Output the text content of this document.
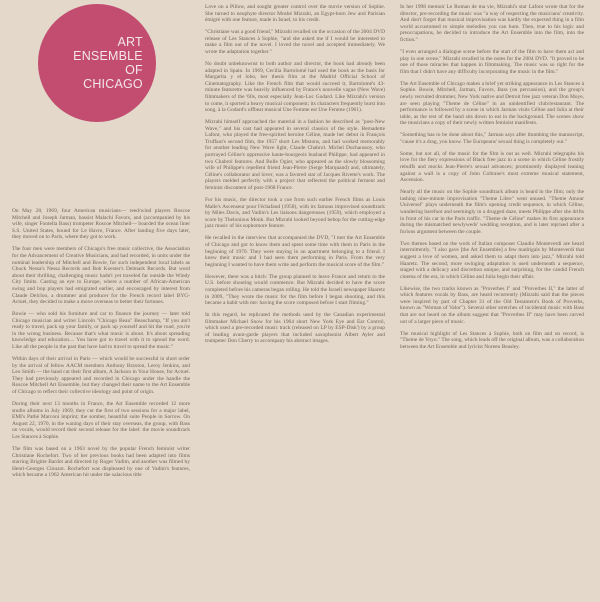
ART
ENSEMBLE
OF
CHICAGO

On May 28, 1969, four American musicians— reed/wind players Roscoe Mitchell and Joseph Jarman, bassist Malachi Favors, and (accompanied by his wife, singer Fontella Bass) trumpeter Roscoe Mitchell— boarded the ocean liner S.S. United States, bound for Le Havre, France. After landing five days later, they moved on to Paris, where they got to work.

The four men were members of Chicago's free music collective, the Association for the Advancement of Creative Musicians, and had recorded, in units under the nominal leadership of Mitchell and Bowie, for such independent local labels as Chuck Nessa's Nessa Records and Bob Koester's Delmark Records. But word about their thrilling, challenging music hadn't yet traveled far outside the Windy City limits. Casting an eye to Europe, where a number of African-American swing and bop players had emigrated earlier, and encouraged by interest from Claude Delcloo, a drummer and producer for the French record label BYG-Actuel, they decided to make a move overseas to better their fortunes.

Bowie — who sold his furniture and car to finance the journey — later told Chicago musician and writer Lincoln "Chicago Beau" Beauchamp, "If you ain't ready to travel, pack up your family, or pack up yourself and hit the road, you're in the wrong business. Because that's what music is about. It's about spreading knowledge and education.... You have got to travel with it to spread the word. Like all the people in the past that have had to travel to spread the music."

Within days of their arrival in Paris — which would be successful in short order by the arrival of fellow AACM members Anthony Braxton, Leroy Jenkins, and Leo Smith — the band cut their first album, A Jackson in Your House, for Actuel. They had previously appeared and recorded in Chicago under the handle the Roscoe Mitchell Art Ensemble, but they changed their name to the Art Ensemble of Chicago to reflect their collective ideology and point of origin.

During their next 13 months in France, the Art Ensemble recorded 12 more studio albums in July 1969, they cut the first of two sessions for a major label, EMI's Pathé Marconi imprint; the somber, beautiful suite People in Sorrow. On August 22, 1970, in the waning days of their stay overseas, the group, with Bass on vocals, would record their second release for the label: the movie soundtrack Les Stances à Sophie.

The film was based on a 1963 novel by the popular French feminist writer Christiane Rochefort. Two of her previous books had been adapted into films starring Brigitte Bardot and directed by Roger Vadim, and another was filmed by Henri-Georges Clouzot. Rochefort was displeased by one of Vadim's features, which became a 1962 American hit under the salacious title

Love on a Pillow, and sought greater control over the movie version of Sophie. She turned to neophyte director Moshé Mizrahi, an Egypt-born Jew and Parisian émigré with one feature, made in Israel, to his credit.

"Christiane was a good friend," Mizrahi recalled on the occasion of the 2004 DVD release of Les Stances à Sophie, "and she asked me if I would be interested to make a film out of the novel. I loved the novel and accepted immediately. We wrote the adaptation together."

No doubt unbeknownst to both author and director, the book had already been adapted in Spain. In 1969, Cecilia Bartolomé had used the book as the basis for Margarita y el lobo, her thesis film at the Madrid Official School of Cinematography. Like the French film that would succeed it, Bartolomé's 43-minute featurette was heavily influenced by France's nouvelle vague (New Wave) filmmakers of the '60s, most especially Jean-Luc Godard. Like Mizrahi's version to come, it sported a heavy musical component; its characters frequently burst into song, à la Godard's offbeat musical Une Femme est Une Femme (1961).

Mizrahi himself approached the material in a fashion he described as "post-New Wave," and his cast had appeared in several classics of the style. Bernadette Lafont, who played the free-spirited heroine Céline, made her debut in François Truffaut's second film, the 1957 short Les Mistons, and had worked memorably for another leading New Wave light, Claude Chabrol. Michel Duchaussoy, who portrayed Céline's oppressive haute-bourgeois husband Philippe, had appeared in two Chabrol features. And Bulle Ogier, who appeared as the slowly blossoming wife of Philippe's repellent friend Jean-Pierre (Serge Marquand) and, ultimately, Céline's collaborator and lover, was a favored star of Jacques Rivette's work. The players melded perfectly with a project that reflected the political ferment and feminist discontent of post-1968 France.

For his music, the director took a cue from such earlier French films as Louis Malle's Ascenseur pour l'échafaud (1958), with its famous improvised soundtrack by Miles Davis, and Vadim's Les liaisons dangereuses (1959), which employed a score by Thelonious Monk. But Mizrahi looked beyond bebop for the cutting-edge jazz music of his sophomore feature.

He recalled in the interview that accompanied the DVD, "I met the Art Ensemble of Chicago and got to know them and spent some time with them in Paris in the beginning of 1970. They were staying in an apartment belonging to a friend. I knew their music and I had seen them performing in Paris. From the very beginning I wanted to have them write and perform the musical score of the film."

However, there was a hitch: The group planned to leave France and return to the U.S. before shooting would commence. But Mizrahi decided to have the score completed before his cameras began rolling. He told the Israeli newspaper Haaretz in 2009, "They wrote the music for the film before I began shooting, and this became a habit with me: having the score composed before I start filming."

In this regard, he replicated the methods used by the Canadian experimental filmmaker Michael Snow for his 1964 short New York Eye and Ear Control, which used a pre-recorded music track (released on LP by ESP-Disk') by a group of leading avant-garde players that included saxophonist Albert Ayler and trumpeter Don Cherry to accompany his abstract images.

In her 1998 memoir Le Roman de ma vie, Mizrahi's star Lafont wrote that for the director, pre-recording the music was "a way of respecting the musicians' creativity. And don't forget that musical improvisation was hardly the expected thing in a film world accustomed to simple melodies you can hum. Then, true to his logic and preoccupations, he decided to introduce the Art Ensemble into the film, into the fiction."

"I even arranged a dialogue scene before the start of the film to have them act and play in one scene," Mizrahi recalled in the notes for the 2004 DVD. "It proved to be one of those miracles that happen in filmmaking. The music was so right for the film that I didn't have any difficulty incorporating the music in the film."

The Art Ensemble of Chicago makes a brief yet striking appearance in Les Stances à Sophie. Bowie, Mitchell, Jarman, Favors, Bass (on percussion), and the group's newly recruited drummer, New York native and Detroit free jazz veteran Don Moye, are seen playing "Theme de Céline" in an unidentified club/restaurant. The performance is followed by a scene in which Jarman visits Céline and Julia at their table, as the rest of the band sits down to eat in the background. The scenes show the musicians a copy of their newly written feminist manifesto.

"Something has to be done about this," Jarman says after thumbing the manuscript, "cause it's a drag, you know. The Europeans' sexual thing is completely out."

Some, but not all, of the music for the film is out as well. Mizrahi telegraphs his love for the fiery expressions of Black free jazz in a scene in which Céline frostily rebuffs and mocks Jean-Pierre's sexual advances; prominently displayed leaning against a wall is a copy of John Coltrane's most extreme musical statement, Ascension.

Nearly all the music on the Sophie soundtrack album is heard in the film; only the lashing nine-minute improvisation "Theme Libre" went unused. "Theme Amour Universel" plays underneath the film's opening credit sequence, in which Céline, wandering barefoot and seemingly in a drugged daze, meets Philippe after she drifts in front of his car in the Paris traffic. "Theme de Céline" makes its first appearance during the mismatched newlyweds' wedding reception, and is later reprised after a furious argument between the couple.

Two themes based on the work of Italian composer Claudio Monteverdi are heard intermittently. "I also gave [the Art Ensemble] a few madrigals by Monteverdi that suggest a love of women, and asked them to adapt them into jazz," Mizrahi told Haaretz. The second, more swinging adaptation is used underneath a sequence, staged with a delicacy and discretion unique, and surprising, for the candid French cinema of the era, in which Céline and Julia begin their affair.

Likewise, the two tracks known as "Proverbes I" and "Proverbes II," the latter of which features vocals by Bass, are heard recurrently (Mizrahi said that the pieces were inspired by part of Chapter 31 of the Old Testament's Book of Proverbs, known as "Woman of Valor"). Several other stretches of incidental music with Bass that are not heard on the album suggest that "Proverbes II" may have been carved out of a larger piece of music.

The musical highlight of Les Stances à Sophie, both on film and on record, is "Theme de Yoyo." The song, which leads off the original album, was a collaboration between the Art Ensemble and lyricist Noreen Beasley.
